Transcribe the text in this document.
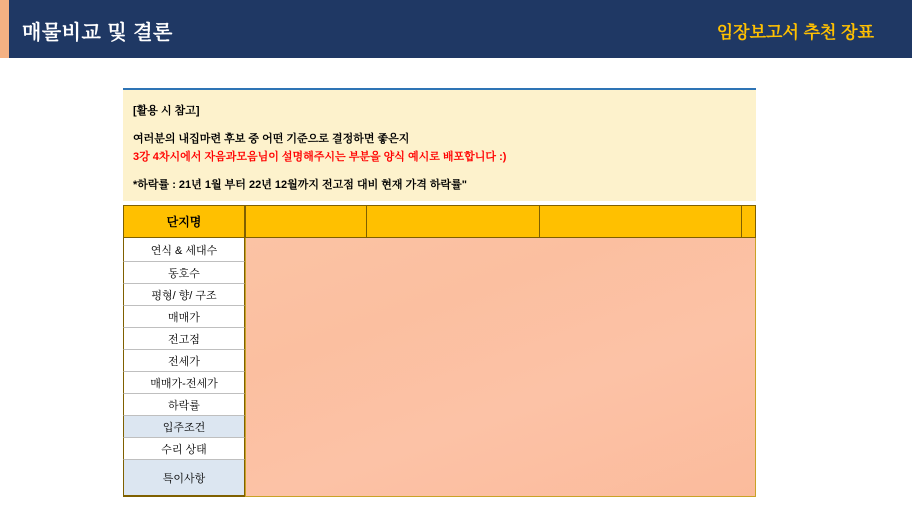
매물비교 및 결론	임장보고서 추천 장표
[활용 시 참고]
여러분의 내집마련 후보 중 어떤 기준으로 결정하면 좋은지
3강 4차시에서 자음과모음님이 설명해주시는 부분을 양식 예시로 배포합니다 :)
*하락률 : 21년 1월 부터 22년 12월까지 전고점 대비 현재 가격 하락률"
단지명
연식 & 세대수
동호수
평형/ 향/ 구조
매매가
전고점
전세가
매매가-전세가
하락률
입주조건
수리 상태
특이사항
